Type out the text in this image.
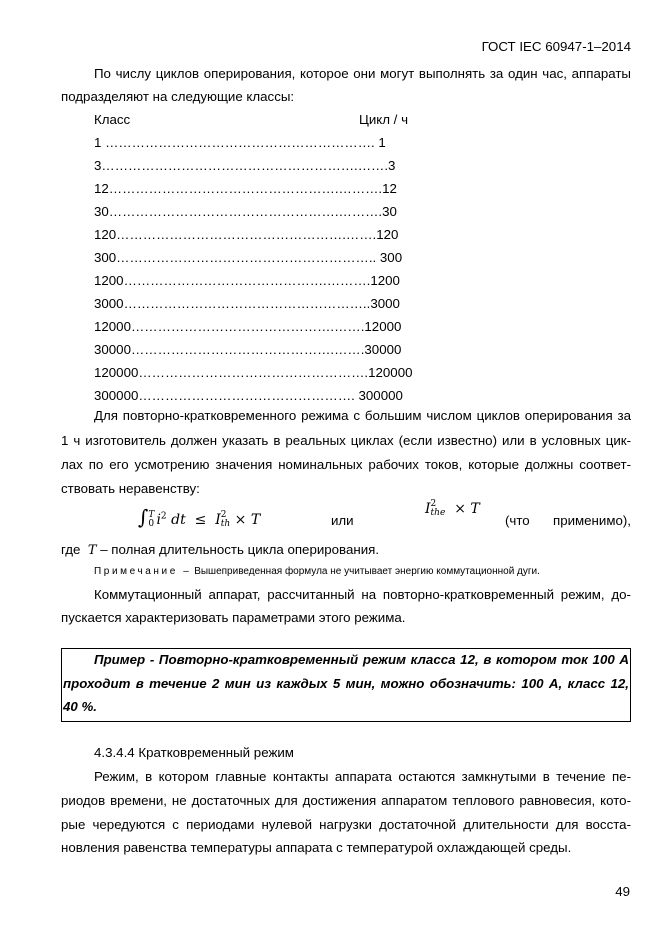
ГОСТ IEC 60947-1–2014
По числу циклов оперирования, которое они могут выполнять за один час, аппараты
подразделяют на следующие классы:
Класс	Цикл / ч
1 ……………………………………………………. 1
3………………………………………………….…….3
12…………………………………………….……….12
30…………………………………………….……….30
120…………………………………………….…….120
300………………………………………………….. 300
1200……………………………………….……….1200
3000………………………………………………..3000
12000……………………………………….…….12000
30000……………………………………….…….30000
120000…………………………………………….120000
300000…………………………………………. 300000
Для повторно-кратковременного режима с большим числом циклов оперирования за
1 ч изготовитель должен указать в реальных циклах (если известно) или в условных цик-
лах по его усмотрению значения номинальных рабочих токов, которые должны соответ-
ствовать неравенству:
∫T
0 $i^2$ dt ≤ I2
th × T	или
I2
the × T
(что применимо),
где T – полная длительность цикла оперирования.
Примечание – Вышеприведенная формула не учитывает энергию коммутационной дуги.
Коммутационный аппарат, рассчитанный на повторно-кратковременный режим, до-
пускается характеризовать параметрами этого режима.
Пример - Повторно-кратковременный режим класса 12, в котором ток 100 А
проходит в течение 2 мин из каждых 5 мин, можно обозначить: 100 А, класс 12,
40 %.
4.3.4.4 Кратковременный режим
Режим, в котором главные контакты аппарата остаются замкнутыми в течение пе-
риодов времени, не достаточных для достижения аппаратом теплового равновесия, кото-
рые чередуются с периодами нулевой нагрузки достаточной длительности для восста-
новления равенства температуры аппарата с температурой охлаждающей среды.
49
